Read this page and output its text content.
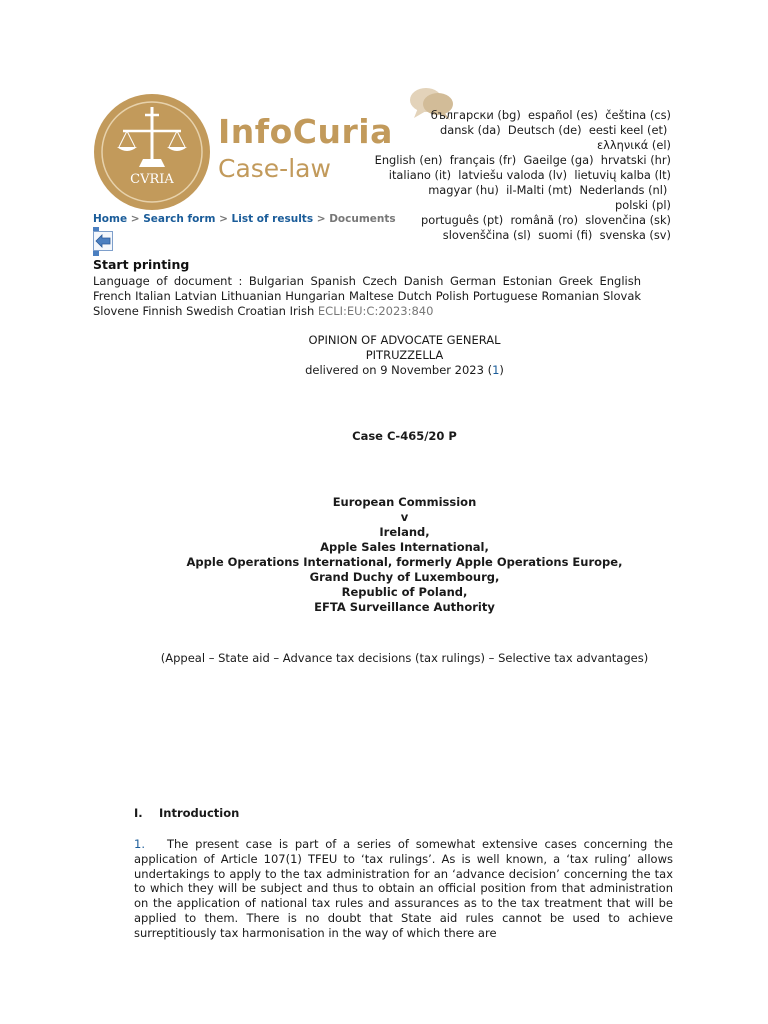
CVRIA
InfoCuria
Case-law
български (bg) español (es) čeština (cs)
dansk (da) Deutsch (de) eesti keel (et)  ελληνικά (el)
English (en) français (fr) Gaeilge (ga) hrvatski (hr)
italiano (it) latviešu valoda (lv) lietuvių kalba (lt)
magyar (hu) il-Malti (mt) Nederlands (nl)  polski (pl)
português (pt) română (ro) slovenčina (sk)
slovenščina (sl) suomi (fi) svenska (sv)
Home > Search form > List of results > Documents
Start printing
Language of document : Bulgarian Spanish Czech Danish German Estonian Greek English French Italian Latvian Lithuanian Hungarian Maltese Dutch Polish Portuguese Romanian Slovak Slovene Finnish Swedish Croatian Irish ECLI:EU:C:2023:840
OPINION OF ADVOCATE GENERAL
PITRUZZELLA
delivered on 9 November 2023 (1)
Case C‑465/20 P
European Commission
v
Ireland,
Apple Sales International,
Apple Operations International, formerly Apple Operations Europe,
Grand Duchy of Luxembourg,
Republic of Poland,
EFTA Surveillance Authority
(Appeal – State aid – Advance tax decisions (tax rulings) – Selective tax advantages)
I. Introduction
1. The present case is part of a series of somewhat extensive cases concerning the application of Article 107(1) TFEU to ‘tax rulings’. As is well known, a ‘tax ruling’ allows undertakings to apply to the tax administration for an ‘advance decision’ concerning the tax to which they will be subject and thus to obtain an official position from that administration on the application of national tax rules and assurances as to the tax treatment that will be applied to them. There is no doubt that State aid rules cannot be used to achieve surreptitiously tax harmonisation in the way of which there are
